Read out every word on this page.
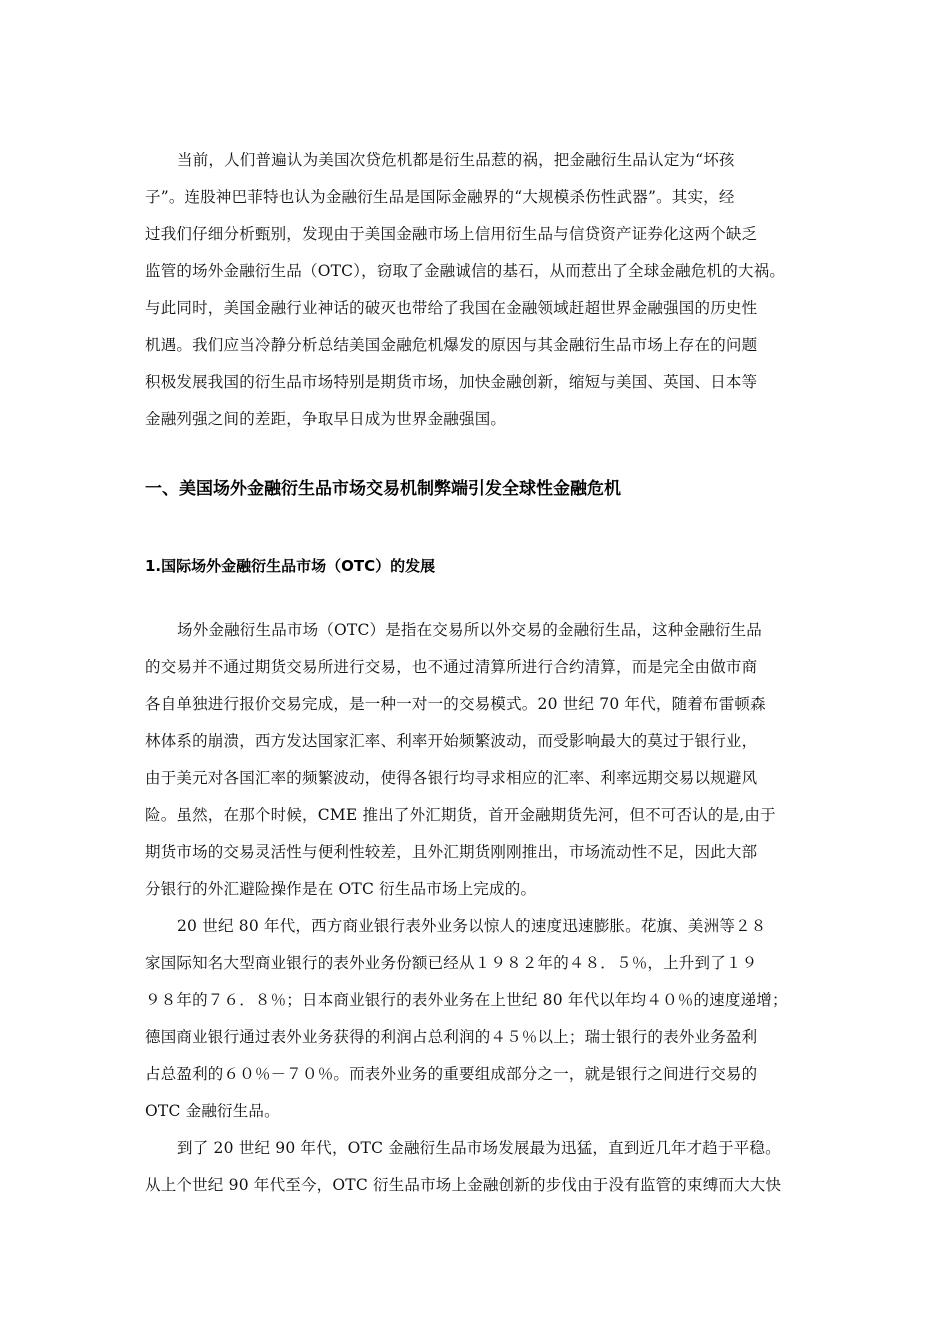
当前，人们普遍认为美国次贷危机都是衍生品惹的祸，把金融衍生品认定为“坏孩
子”。连股神巴菲特也认为金融衍生品是国际金融界的“大规模杀伤性武器”。其实，经
过我们仔细分析甄别，发现由于美国金融市场上信用衍生品与信贷资产证券化这两个缺乏
监管的场外金融衍生品（OTC），窃取了金融诚信的基石，从而惹出了全球金融危机的大祸。
与此同时，美国金融行业神话的破灭也带给了我国在金融领域赶超世界金融强国的历史性
机遇。我们应当冷静分析总结美国金融危机爆发的原因与其金融衍生品市场上存在的问题
积极发展我国的衍生品市场特别是期货市场，加快金融创新，缩短与美国、英国、日本等
金融列强之间的差距，争取早日成为世界金融强国。
一、美国场外金融衍生品市场交易机制弊端引发全球性金融危机
1.国际场外金融衍生品市场（OTC）的发展
场外金融衍生品市场（OTC）是指在交易所以外交易的金融衍生品，这种金融衍生品
的交易并不通过期货交易所进行交易，也不通过清算所进行合约清算，而是完全由做市商
各自单独进行报价交易完成，是一种一对一的交易模式。20 世纪 70 年代，随着布雷顿森
林体系的崩溃，西方发达国家汇率、利率开始频繁波动，而受影响最大的莫过于银行业，
由于美元对各国汇率的频繁波动，使得各银行均寻求相应的汇率、利率远期交易以规避风
险。虽然，在那个时候，CME 推出了外汇期货，首开金融期货先河，但不可否认的是,由于
期货市场的交易灵活性与便利性较差，且外汇期货刚刚推出，市场流动性不足，因此大部
分银行的外汇避险操作是在 OTC 衍生品市场上完成的。
20 世纪 80 年代，西方商业银行表外业务以惊人的速度迅速膨胀。花旗、美洲等２８
家国际知名大型商业银行的表外业务份额已经从１９８２年的４８．５％，上升到了１９
９８年的７６．８％；日本商业银行的表外业务在上世纪 80 年代以年均４０％的速度递增；
德国商业银行通过表外业务获得的利润占总利润的４５％以上；瑞士银行的表外业务盈利
占总盈利的６０％－７０％。而表外业务的重要组成部分之一，就是银行之间进行交易的
OTC 金融衍生品。
到了 20 世纪 90 年代，OTC 金融衍生品市场发展最为迅猛，直到近几年才趋于平稳。
从上个世纪 90 年代至今，OTC 衍生品市场上金融创新的步伐由于没有监管的束缚而大大快
